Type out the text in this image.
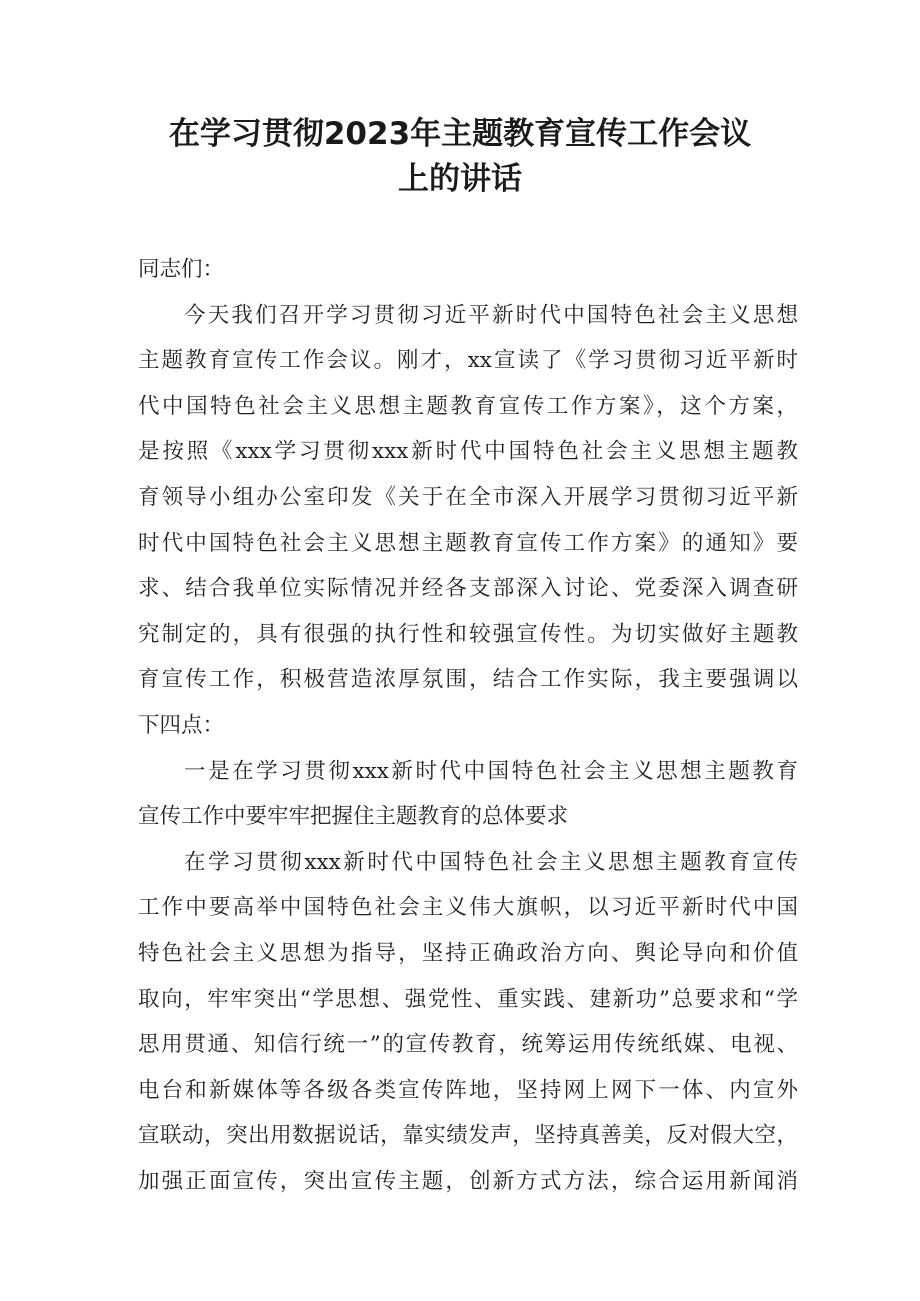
在学习贯彻2023年主题教育宣传工作会议
上的讲话
同志们：
今天我们召开学习贯彻习近平新时代中国特色社会主义思想
主题教育宣传工作会议。刚才，xx宣读了《学习贯彻习近平新时
代中国特色社会主义思想主题教育宣传工作方案》，这个方案，
是按照《xxx学习贯彻xxx新时代中国特色社会主义思想主题教
育领导小组办公室印发《关于在全市深入开展学习贯彻习近平新
时代中国特色社会主义思想主题教育宣传工作方案》的通知》要
求、结合我单位实际情况并经各支部深入讨论、党委深入调查研
究制定的，具有很强的执行性和较强宣传性。为切实做好主题教
育宣传工作，积极营造浓厚氛围，结合工作实际，我主要强调以
下四点：
一是在学习贯彻xxx新时代中国特色社会主义思想主题教育
宣传工作中要牢牢把握住主题教育的总体要求
在学习贯彻xxx新时代中国特色社会主义思想主题教育宣传
工作中要高举中国特色社会主义伟大旗帜，以习近平新时代中国
特色社会主义思想为指导，坚持正确政治方向、舆论导向和价值
取向，牢牢突出“学思想、强党性、重实践、建新功”总要求和“学
思用贯通、知信行统一”的宣传教育，统筹运用传统纸媒、电视、
电台和新媒体等各级各类宣传阵地，坚持网上网下一体、内宣外
宣联动，突出用数据说话，靠实绩发声，坚持真善美，反对假大空，
加强正面宣传，突出宣传主题，创新方式方法，综合运用新闻消
